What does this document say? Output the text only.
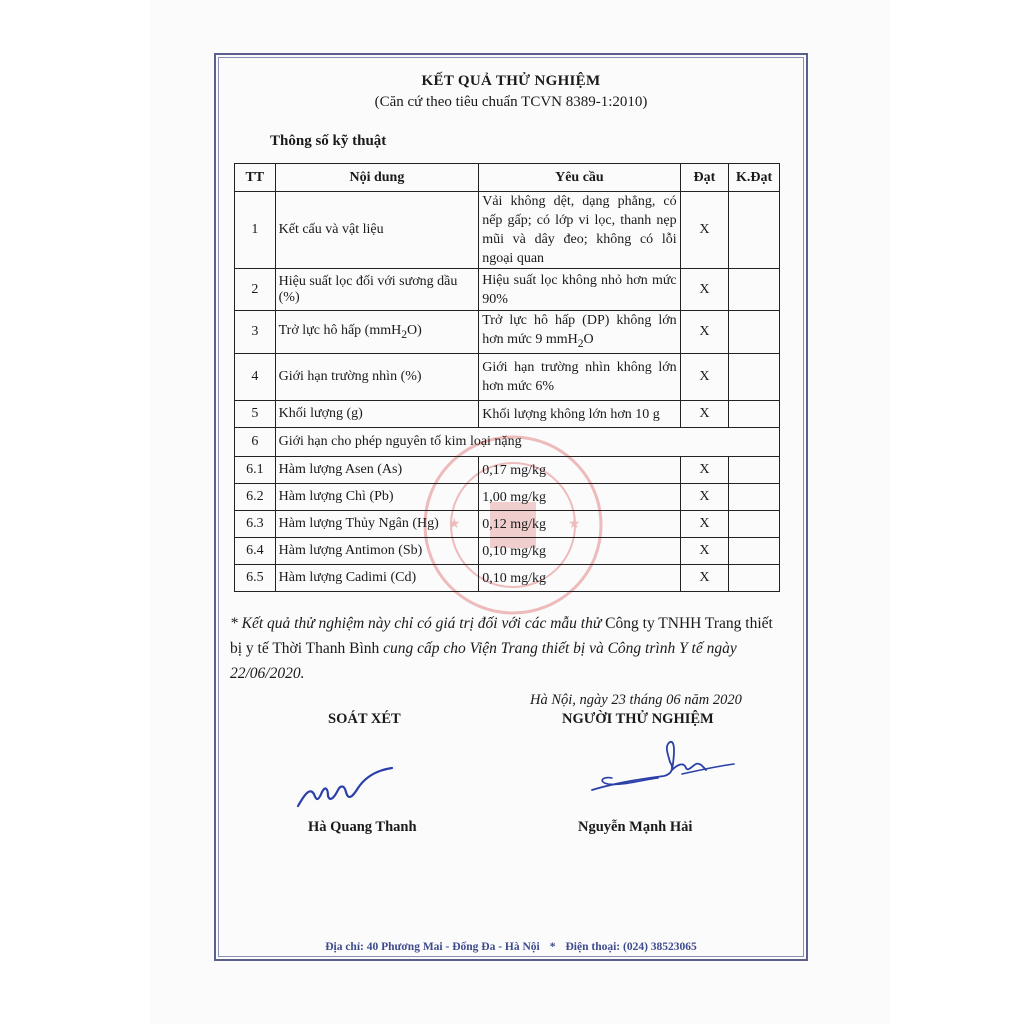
KẾT QUẢ THỬ NGHIỆM
(Căn cứ theo tiêu chuẩn TCVN 8389-1:2010)
Thông số kỹ thuật
★
★
TT	Nội dung	Yêu cầu	Đạt	K.Đạt
1	Kết cấu và vật liệu	Vải không dệt, dạng phẳng, có nếp gấp; có lớp vi lọc, thanh nẹp mũi và dây đeo; không có lỗi ngoại quan	X	
2	Hiệu suất lọc đối với sương dầu (%)	Hiệu suất lọc không nhỏ hơn mức 90%	X	
3	Trở lực hô hấp (mmH$_2$O)	Trở lực hô hấp (DP) không lớn hơn mức 9 mmH$_2$O	X	
4	Giới hạn trường nhìn (%)	Giới hạn trường nhìn không lớn hơn mức 6%	X	
5	Khối lượng (g)	Khối lượng không lớn hơn 10 g	X	
6	Giới hạn cho phép nguyên tố kim loại nặng			
6.1	Hàm lượng Asen (As)	0,17 mg/kg	X	
6.2	Hàm lượng Chì (Pb)	1,00 mg/kg	X	
6.3	Hàm lượng Thủy Ngân (Hg)	0,12 mg/kg	X	
6.4	Hàm lượng Antimon (Sb)	0,10 mg/kg	X	
6.5	Hàm lượng Cadimi (Cd)	0,10 mg/kg	X	
* Kết quả thử nghiệm này chỉ có giá trị đối với các mẫu thử Công ty TNHH Trang thiết bị y tế Thời Thanh Bình cung cấp cho Viện Trang thiết bị và Công trình Y tế ngày 22/06/2020.
Hà Nội, ngày 23 tháng 06 năm 2020
SOÁT XÉT	NGƯỜI THỬ NGHIỆM
Hà Quang Thanh	Nguyễn Mạnh Hải
Địa chỉ: 40 Phương Mai - Đống Đa - Hà Nội * Điện thoại: (024) 38523065
